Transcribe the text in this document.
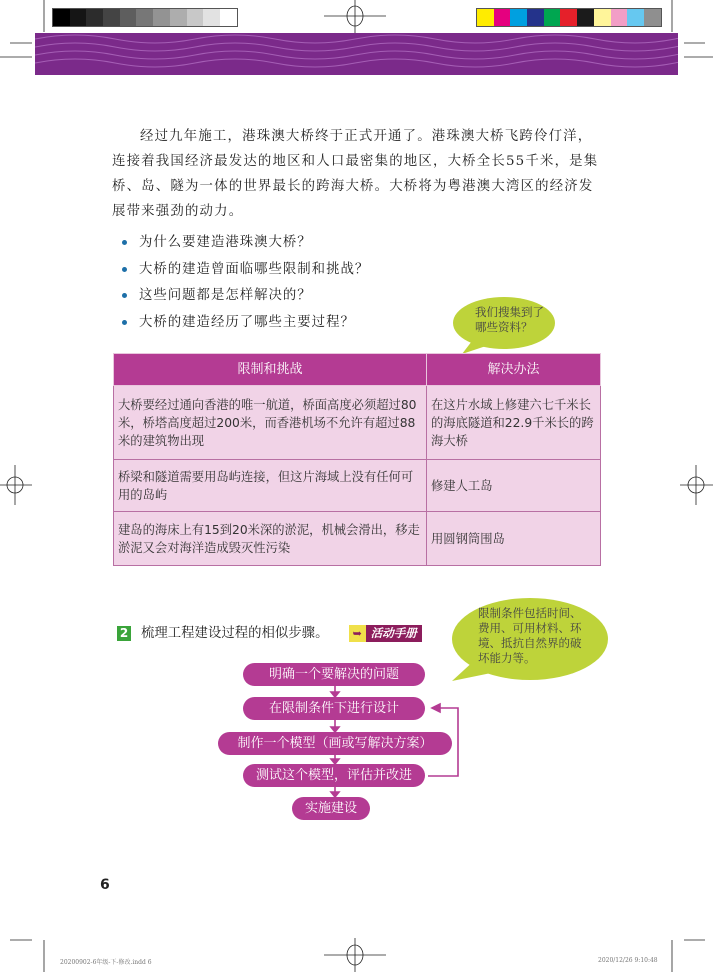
经过九年施工，港珠澳大桥终于正式开通了。港珠澳大桥飞跨伶仃洋，连接着我国经济最发达的地区和人口最密集的地区，大桥全长55千米，是集桥、岛、隧为一体的世界最长的跨海大桥。大桥将为粤港澳大湾区的经济发展带来强劲的动力。
为什么要建造港珠澳大桥？
大桥的建造曾面临哪些限制和挑战？
这些问题都是怎样解决的？
大桥的建造经历了哪些主要过程？
我们搜集到了哪些资料？
限制和挑战	解决办法
大桥要经过通向香港的唯一航道，桥面高度必须超过80米，桥塔高度超过200米，而香港机场不允许有超过88米的建筑物出现	在这片水域上修建六七千米长的海底隧道和22.9千米长的跨海大桥
桥梁和隧道需要用岛屿连接，但这片海域上没有任何可用的岛屿	修建人工岛
建岛的海床上有15到20米深的淤泥，机械会滑出，移走淤泥又会对海洋造成毁灭性污染	用圆钢筒围岛
2 梳理工程建设过程的相似步骤。 ➥ 活动手册
限制条件包括时间、费用、可用材料、环境、抵抗自然界的破坏能力等。
明确一个要解决的问题
在限制条件下进行设计
制作一个模型（画或写解决方案）
测试这个模型，评估并改进
实施建设
6
20200902-6年级-下-修改.indd 6	2020/12/26 9:10:48
